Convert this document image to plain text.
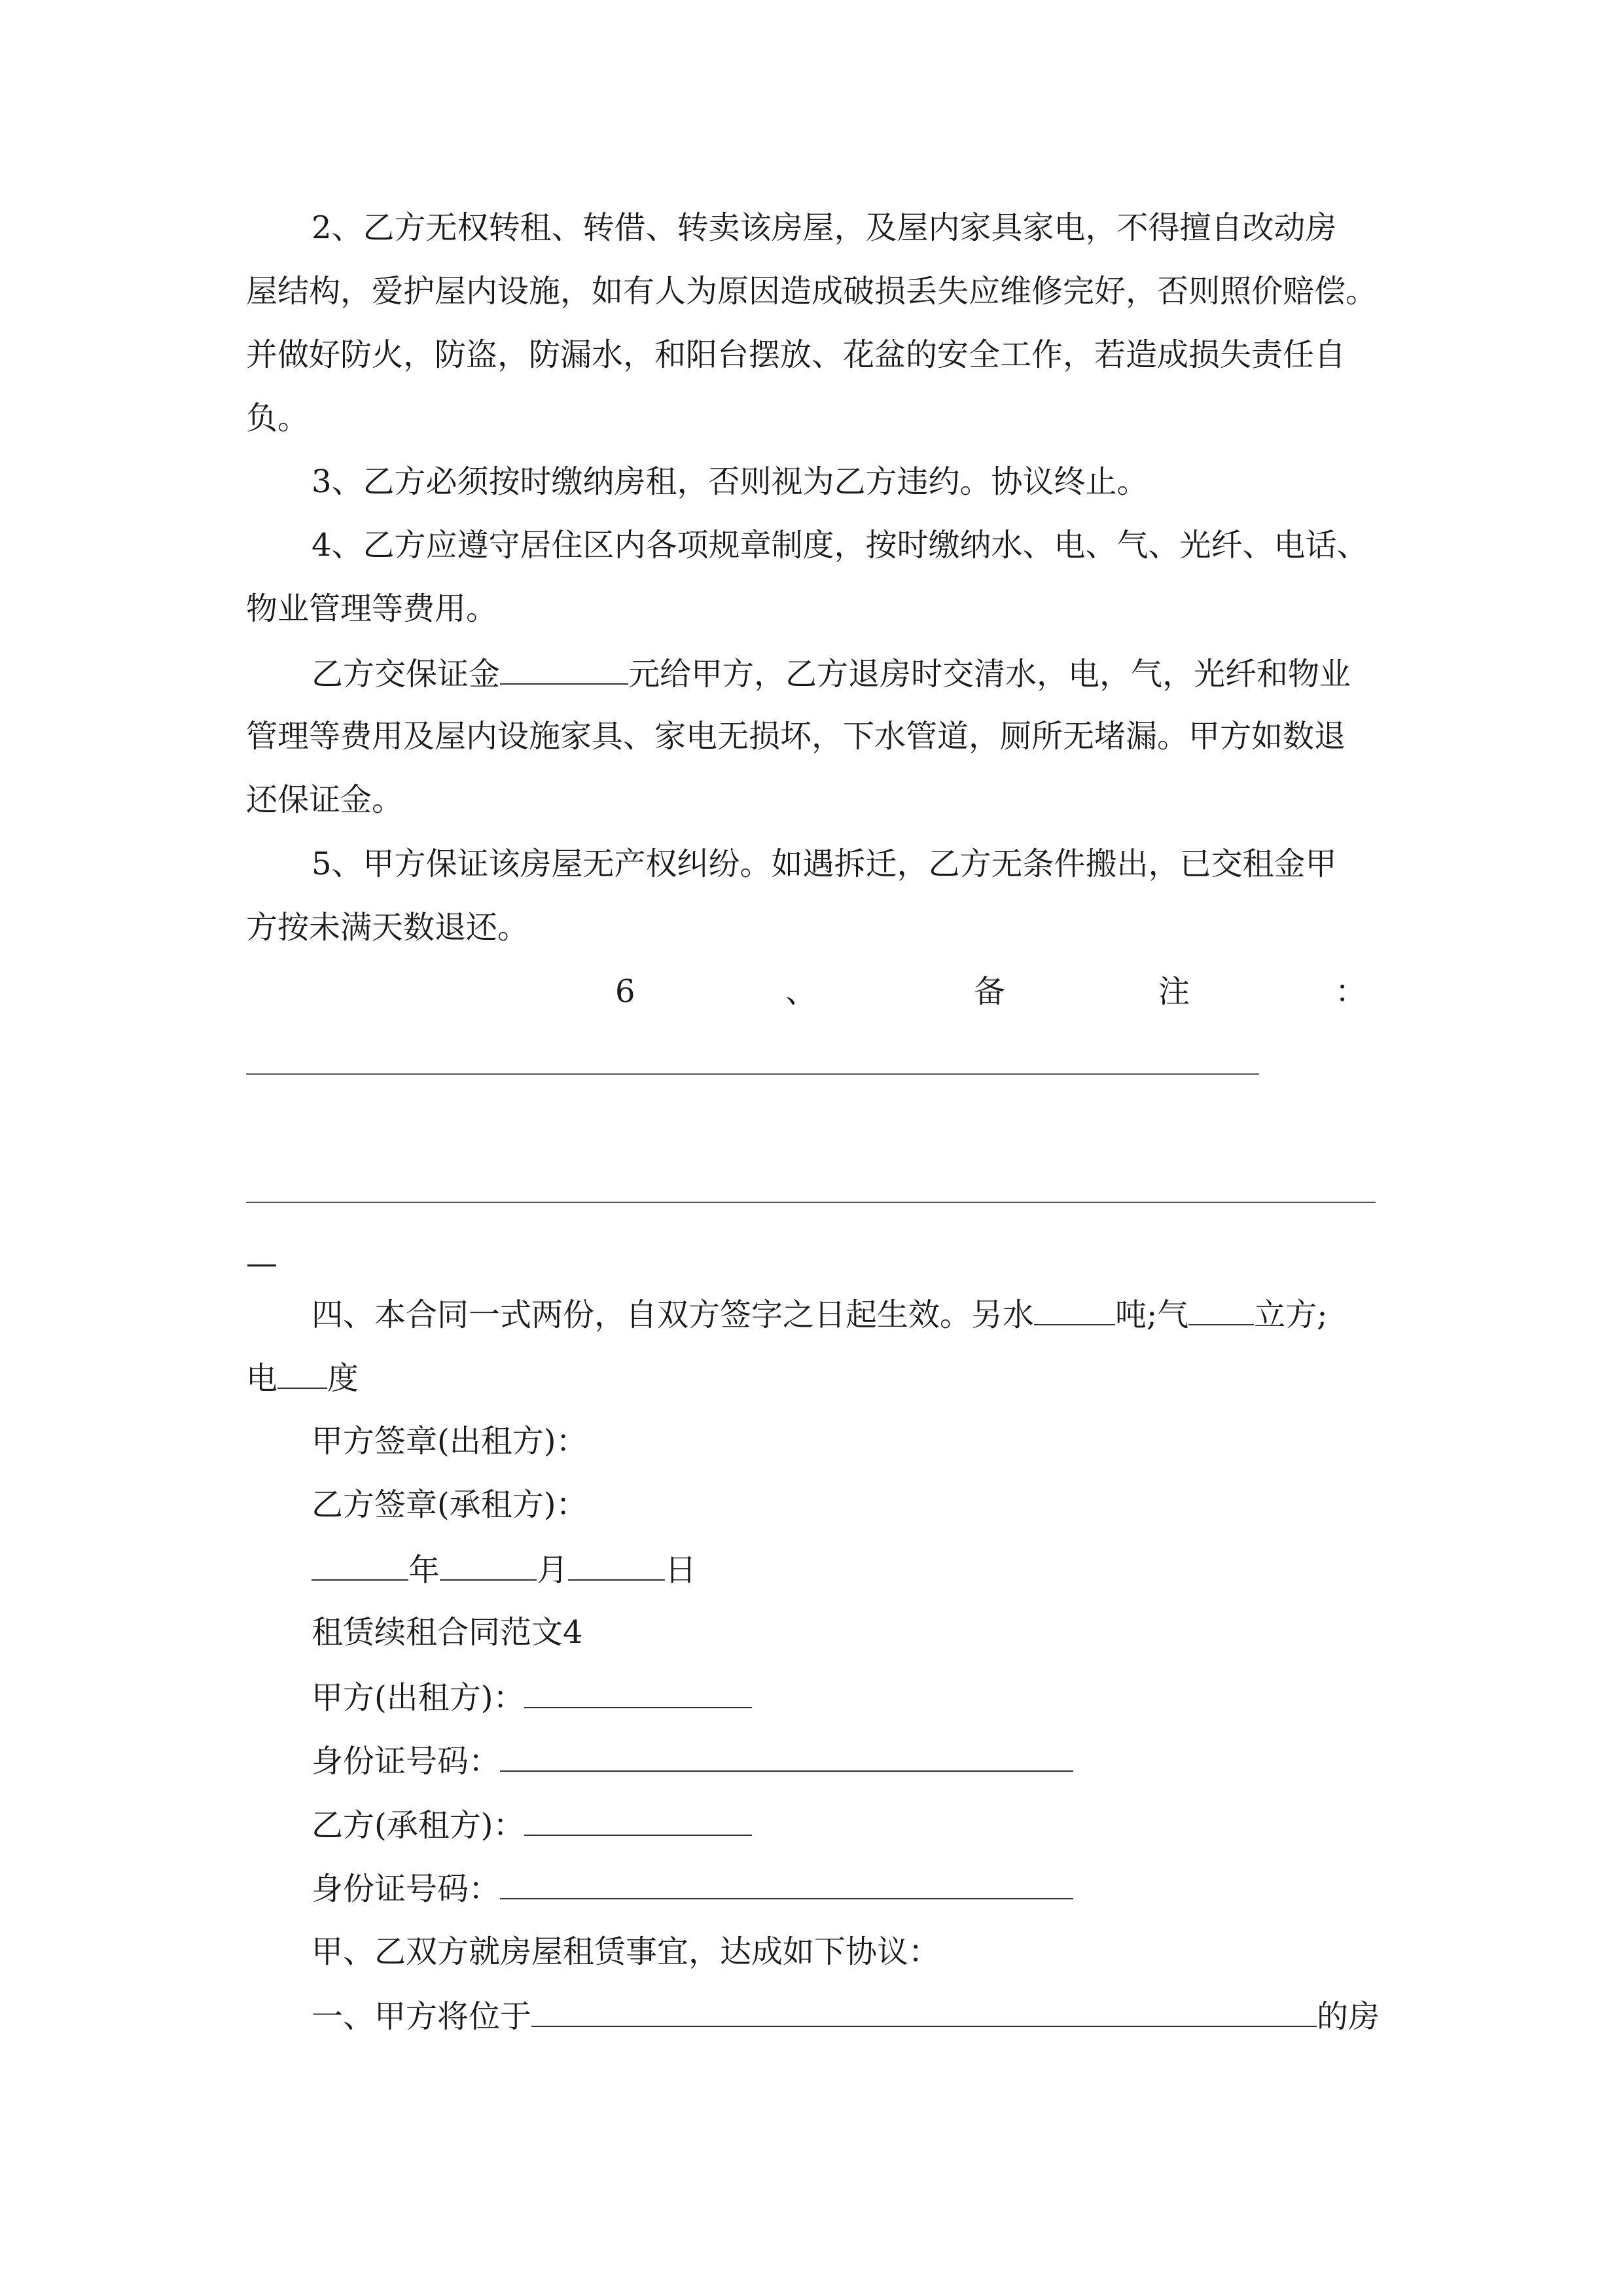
2、乙方无权转租、转借、转卖该房屋，及屋内家具家电，不得擅自改动房
屋结构，爱护屋内设施，如有人为原因造成破损丢失应维修完好，否则照价赔偿。
并做好防火，防盗，防漏水，和阳台摆放、花盆的安全工作，若造成损失责任自
负。
3、乙方必须按时缴纳房租，否则视为乙方违约。协议终止。
4、乙方应遵守居住区内各项规章制度，按时缴纳水、电、气、光纤、电话、
物业管理等费用。
乙方交保证金	元给甲方，乙方退房时交清水，电，气，光纤和物业
管理等费用及屋内设施家具、家电无损坏，下水管道，厕所无堵漏。甲方如数退
还保证金。
5、甲方保证该房屋无产权纠纷。如遇拆迁，乙方无条件搬出，已交租金甲
方按未满天数退还。
6	、	备	注	：
—
四、本合同一式两份，自双方签字之日起生效。另水	吨;气 立方;
电 度
甲方签章(出租方)：
乙方签章(承租方)：
年	月	日
租赁续租合同范文4
甲方(出租方)：
身份证号码：
乙方(承租方)：
身份证号码：
甲、乙双方就房屋租赁事宜，达成如下协议：
一、甲方将位于	的房
